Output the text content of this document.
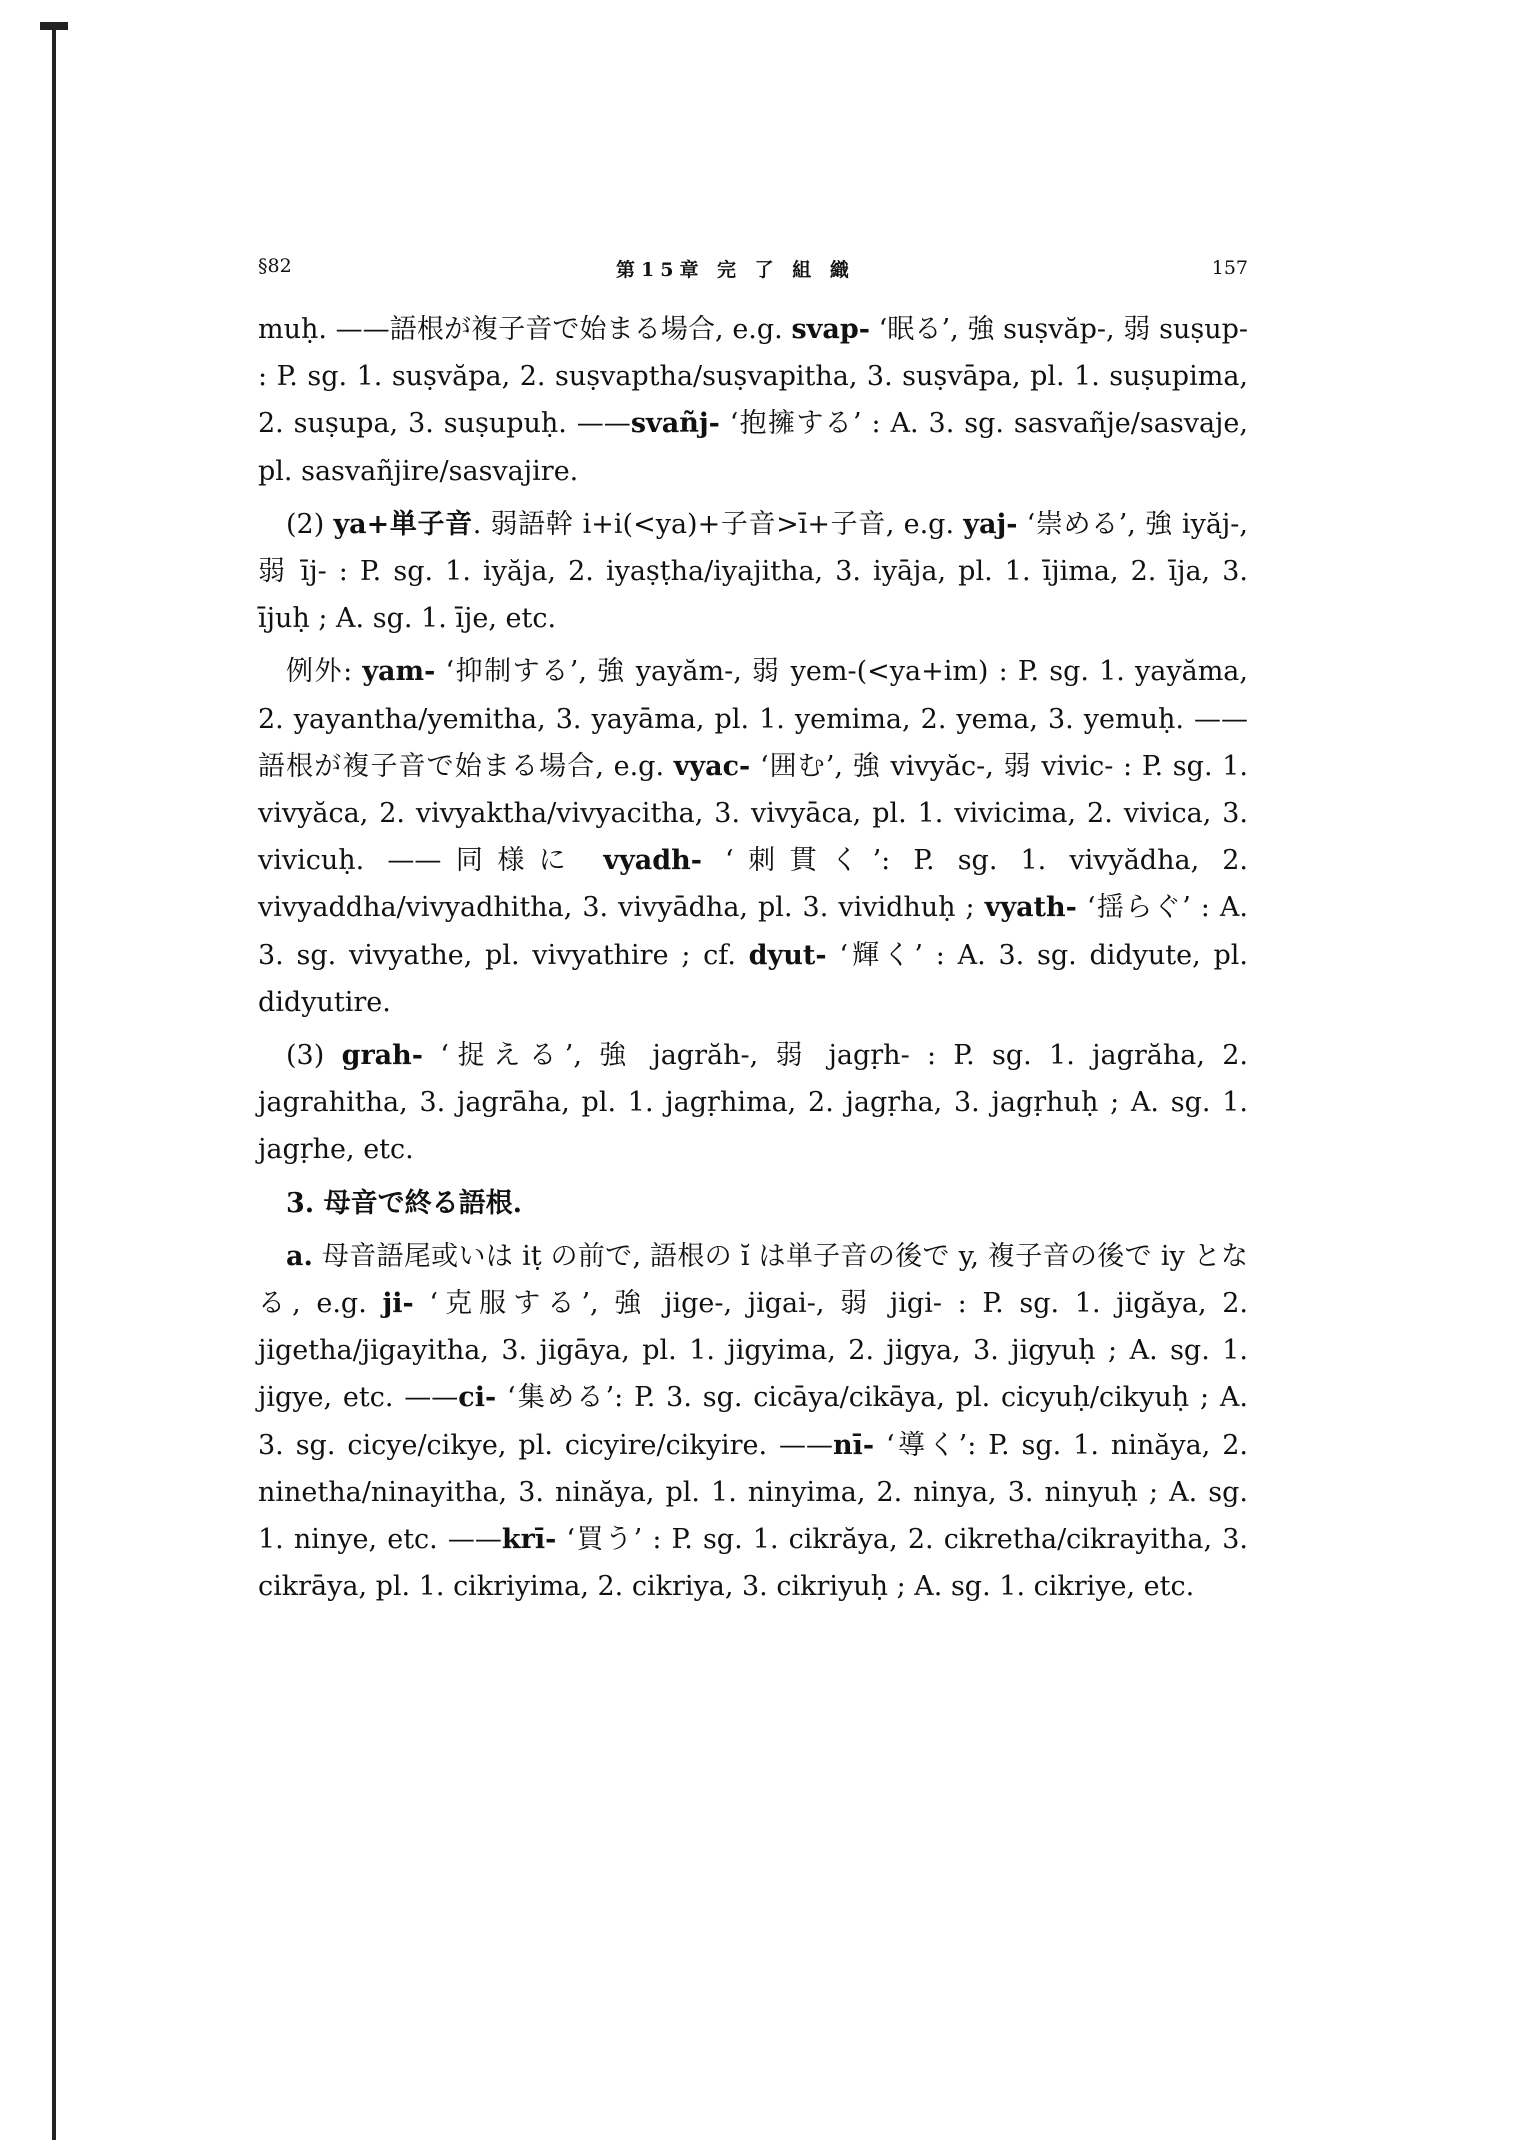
§82	第15章 完 了 組 織	157

muḥ. ——語根が複子音で始まる場合, e.g. svap- ‘眠る’, 強 suṣvăp-, 弱 suṣup- : P. sg. 1. suṣvăpa, 2. suṣvaptha/suṣvapitha, 3. suṣvāpa, pl. 1. suṣupima, 2. suṣupa, 3. suṣupuḥ. ——svañj- ‘抱擁する’ : A. 3. sg. sasvañje/sasvaje, pl. sasvañjire/sasvajire.

(2) ya+単子音. 弱語幹 i+i(<ya)+子音>ī+子音, e.g. yaj- ‘崇める’, 強 iyăj-, 弱 īj- : P. sg. 1. iyăja, 2. iyaṣṭha/iyajitha, 3. iyāja, pl. 1. ījima, 2. īja, 3. ījuḥ ; A. sg. 1. īje, etc.

例外: yam- ‘抑制する’, 強 yayăm-, 弱 yem-(<ya+im) : P. sg. 1. yayăma, 2. yayantha/yemitha, 3. yayāma, pl. 1. yemima, 2. yema, 3. yemuḥ. ——語根が複子音で始まる場合, e.g. vyac- ‘囲む’, 強 vivyăc-, 弱 vivic- : P. sg. 1. vivyăca, 2. vivyaktha/vivyacitha, 3. vivyāca, pl. 1. vivicima, 2. vivica, 3. vivicuḥ. ——同様に vyadh- ‘刺貫く’: P. sg. 1. vivyădha, 2. vivyaddha/vivyadhitha, 3. vivyādha, pl. 3. vividhuḥ ; vyath- ‘揺らぐ’ : A. 3. sg. vivyathe, pl. vivyathire ; cf. dyut- ‘輝く’ : A. 3. sg. didyute, pl. didyutire.

(3) grah- ‘捉える’, 強 jagrăh-, 弱 jagṛh- : P. sg. 1. jagrăha, 2. jagrahitha, 3. jagrāha, pl. 1. jagṛhima, 2. jagṛha, 3. jagṛhuḥ ; A. sg. 1. jagṛhe, etc.

3. 母音で終る語根.

a. 母音語尾或いは iṭ の前で, 語根の ĭ は単子音の後で y, 複子音の後で iy となる, e.g. ji- ‘克服する’, 強 jige-, jigai-, 弱 jigi- : P. sg. 1. jigăya, 2. jigetha/jigayitha, 3. jigāya, pl. 1. jigyima, 2. jigya, 3. jigyuḥ ; A. sg. 1. jigye, etc. ——ci- ‘集める’: P. 3. sg. cicāya/cikāya, pl. cicyuḥ/cikyuḥ ; A. 3. sg. cicye/cikye, pl. cicyire/cikyire. ——nī- ‘導く’: P. sg. 1. ninăya, 2. ninetha/ninayitha, 3. ninăya, pl. 1. ninyima, 2. ninya, 3. ninyuḥ ; A. sg. 1. ninye, etc. ——krī- ‘買う’ : P. sg. 1. cikrăya, 2. cikretha/cikrayitha, 3. cikrāya, pl. 1. cikriyima, 2. cikriya, 3. cikriyuḥ ; A. sg. 1. cikriye, etc.
